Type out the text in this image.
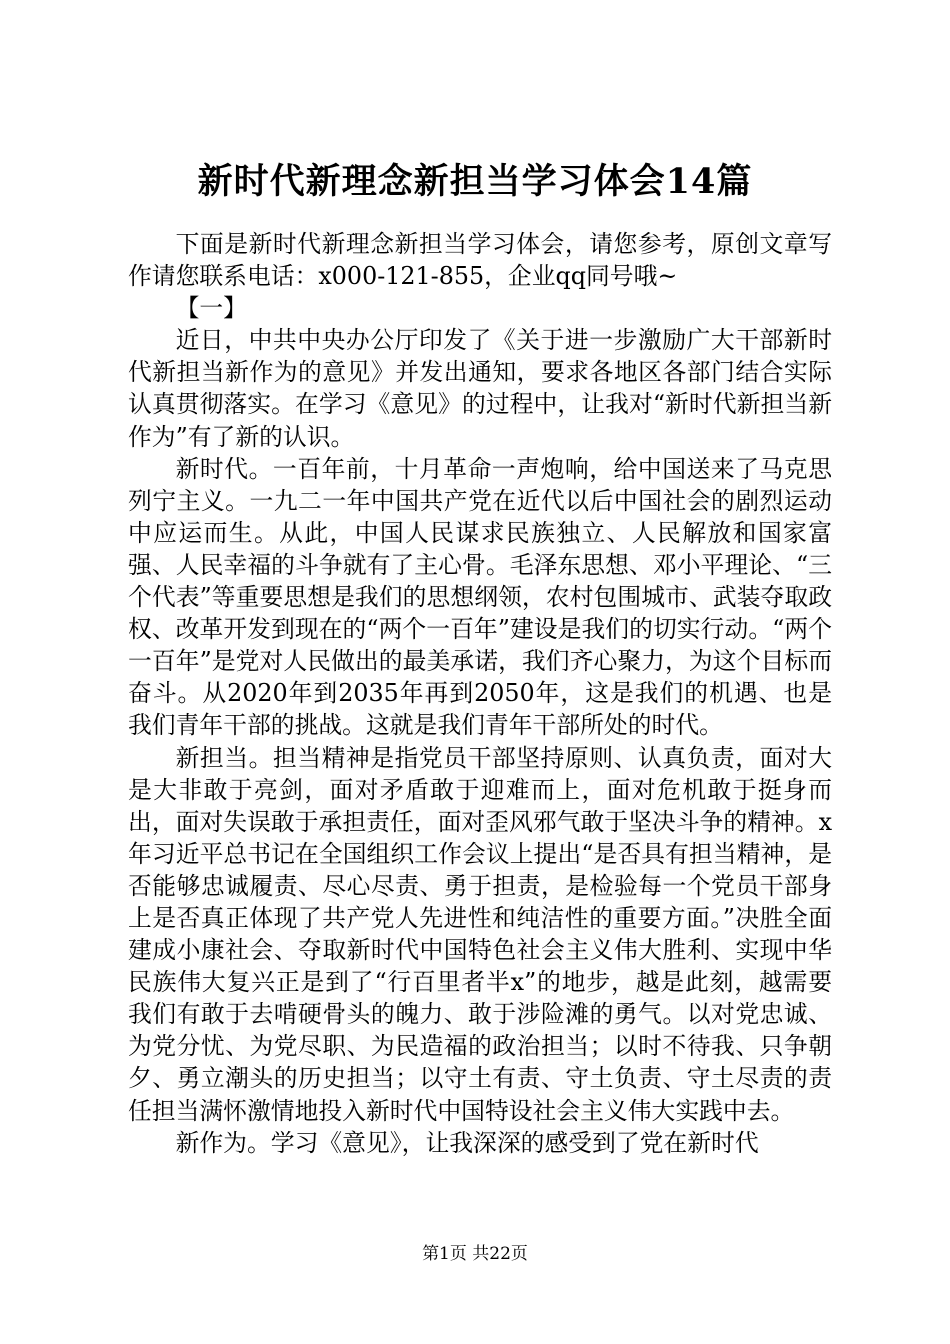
新时代新理念新担当学习体会14篇

下面是新时代新理念新担当学习体会，请您参考，原创文章写作请您联系电话：x000-121-855，企业qq同号哦~

【一】

近日，中共中央办公厅印发了《关于进一步激励广大干部新时代新担当新作为的意见》并发出通知，要求各地区各部门结合实际认真贯彻落实。在学习《意见》的过程中，让我对“新时代新担当新作为”有了新的认识。

新时代。一百年前，十月革命一声炮响，给中国送来了马克思列宁主义。一九二一年中国共产党在近代以后中国社会的剧烈运动中应运而生。从此，中国人民谋求民族独立、人民解放和国家富强、人民幸福的斗争就有了主心骨。毛泽东思想、邓小平理论、“三个代表”等重要思想是我们的思想纲领，农村包围城市、武装夺取政权、改革开发到现在的“两个一百年”建设是我们的切实行动。“两个一百年”是党对人民做出的最美承诺，我们齐心聚力，为这个目标而奋斗。从2020年到2035年再到2050年，这是我们的机遇、也是我们青年干部的挑战。这就是我们青年干部所处的时代。

新担当。担当精神是指党员干部坚持原则、认真负责，面对大是大非敢于亮剑，面对矛盾敢于迎难而上，面对危机敢于挺身而出，面对失误敢于承担责任，面对歪风邪气敢于坚决斗争的精神。x年习近平总书记在全国组织工作会议上提出“是否具有担当精神，是否能够忠诚履责、尽心尽责、勇于担责，是检验每一个党员干部身上是否真正体现了共产党人先进性和纯洁性的重要方面。”决胜全面建成小康社会、夺取新时代中国特色社会主义伟大胜利、实现中华民族伟大复兴正是到了“行百里者半x”的地步，越是此刻，越需要我们有敢于去啃硬骨头的魄力、敢于涉险滩的勇气。以对党忠诚、为党分忧、为党尽职、为民造福的政治担当；以时不待我、只争朝夕、勇立潮头的历史担当；以守土有责、守土负责、守土尽责的责任担当满怀激情地投入新时代中国特设社会主义伟大实践中去。

新作为。学习《意见》，让我深深的感受到了党在新时代

第1页 共22页
